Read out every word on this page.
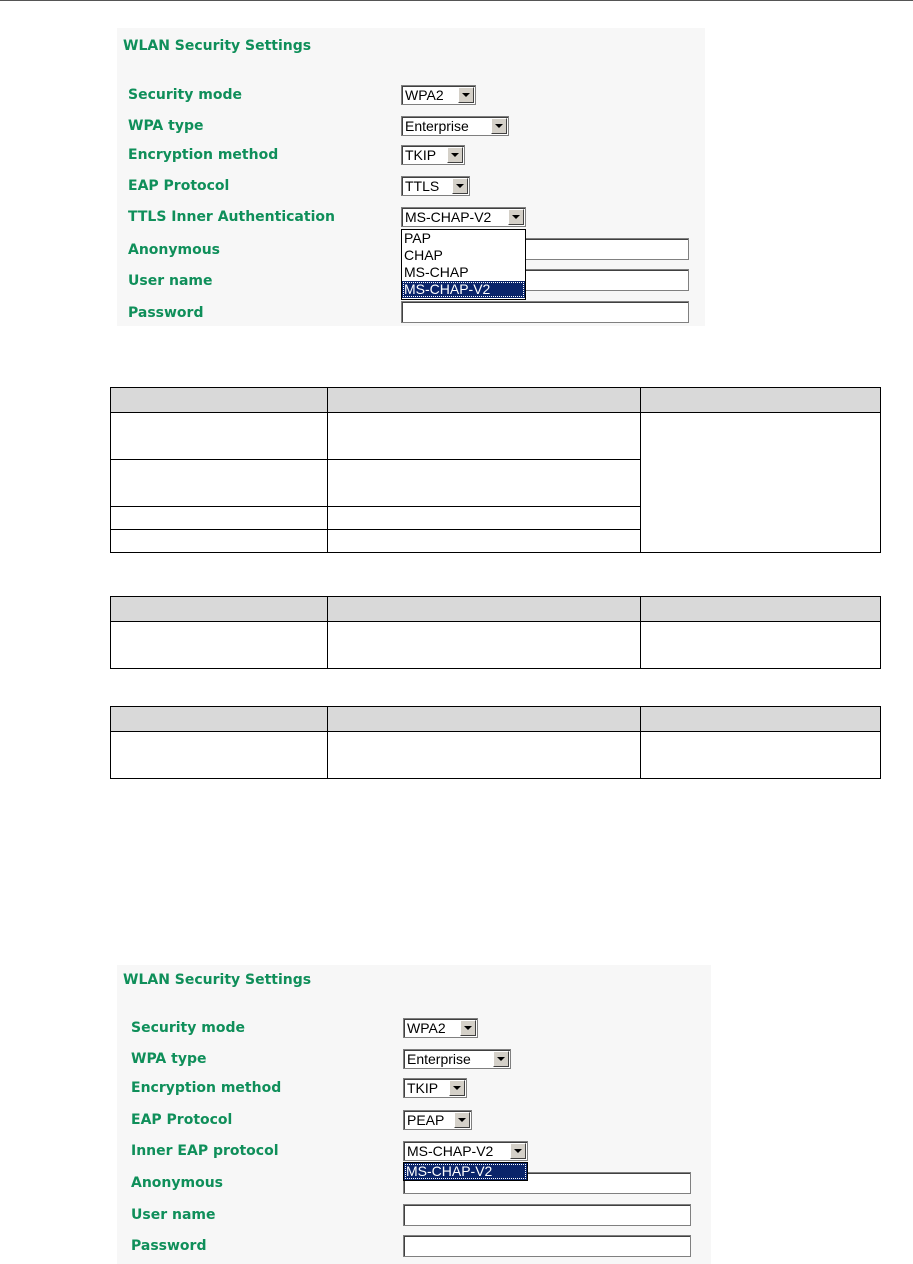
WLAN Security Settings
Security mode	WPA2
WPA type	Enterprise
Encryption method	TKIP
EAP Protocol	TTLS
TTLS Inner Authentication	MS-CHAP-V2
Anonymous
User name
Password
PAP
CHAP
MS-CHAP
MS-CHAP-V2

WLAN Security Settings
Security mode	WPA2
WPA type	Enterprise
Encryption method	TKIP
EAP Protocol	PEAP
Inner EAP protocol	MS-CHAP-V2
Anonymous
User name
Password
MS-CHAP-V2
